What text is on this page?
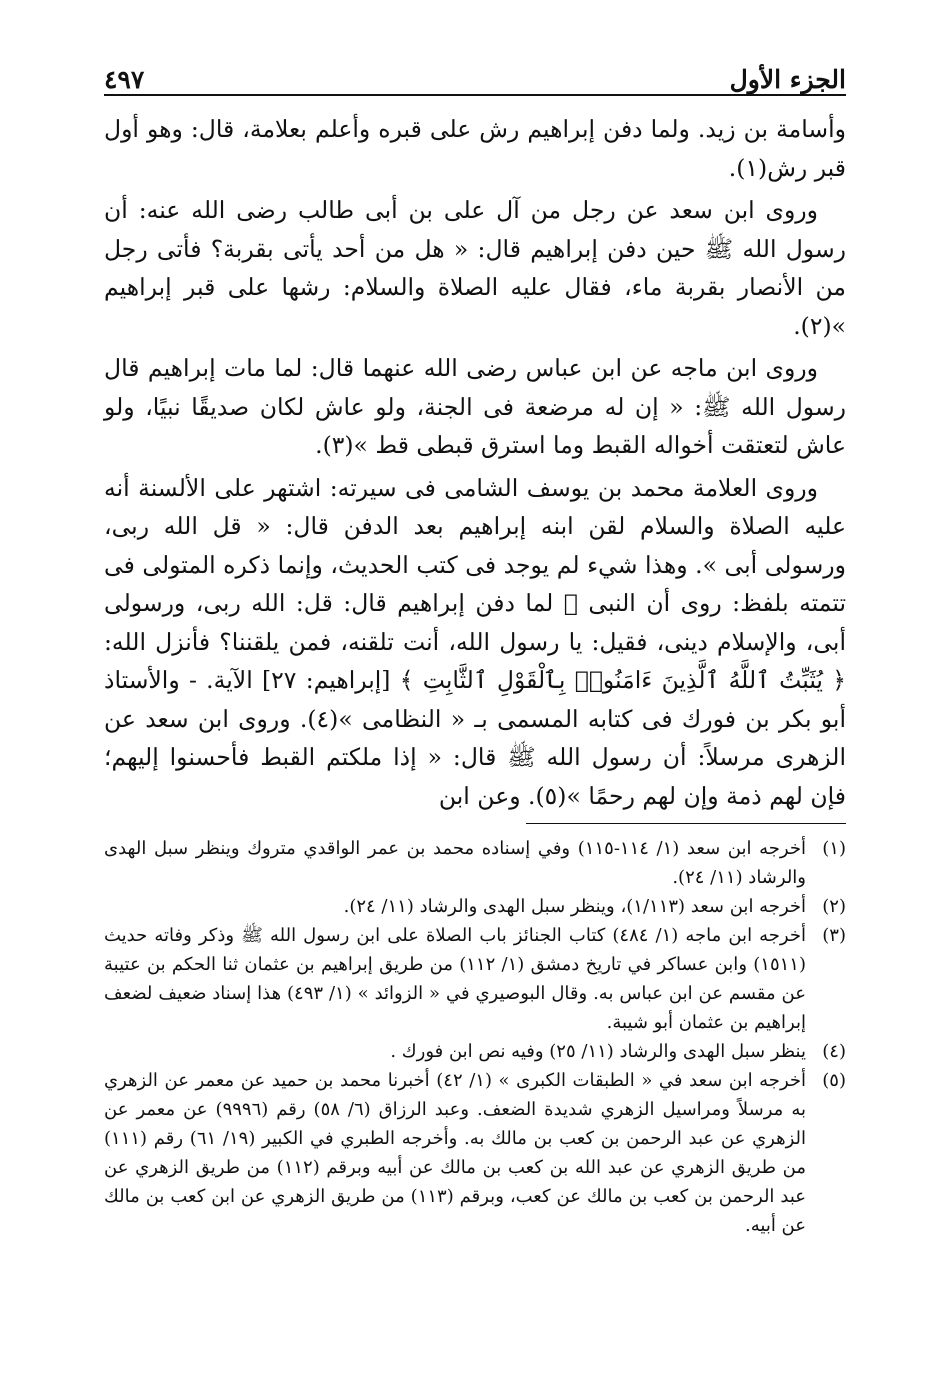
الجزء الأول
٤٩٧

وأسامة بن زيد. ولما دفن إبراهيم رش على قبره وأعلم بعلامة، قال: وهو أول قبر رش(١).

وروى ابن سعد عن رجل من آل على بن أبى طالب رضى الله عنه: أن رسول الله ﷺ حين دفن إبراهيم قال: « هل من أحد يأتى بقربة؟ فأتى رجل من الأنصار بقربة ماء، فقال عليه الصلاة والسلام: رشها على قبر إبراهيم »(٢).

وروى ابن ماجه عن ابن عباس رضى الله عنهما قال: لما مات إبراهيم قال رسول الله ﷺ: « إن له مرضعة فى الجنة، ولو عاش لكان صديقًا نبيًا، ولو عاش لتعتقت أخواله القبط وما استرق قبطى قط »(٣).

وروى العلامة محمد بن يوسف الشامى فى سيرته: اشتهر على الألسنة أنه عليه الصلاة والسلام لقن ابنه إبراهيم بعد الدفن قال: « قل الله ربى، ورسولى أبى ». وهذا شيء لم يوجد فى كتب الحديث، وإنما ذكره المتولى فى تتمته بلفظ: روى أن النبى ﷺ لما دفن إبراهيم قال: قل: الله ربى، ورسولى أبى، والإسلام دينى، فقيل: يا رسول الله، أنت تلقنه، فمن يلقننا؟ فأنزل الله: ﴿ يُثَبِّتُ ٱللَّهُ ٱلَّذِينَ ءَامَنُوا۟ بِٱلْقَوْلِ ٱلثَّابِتِ ﴾ [إبراهيم: ٢٧] الآية. - والأستاذ أبو بكر بن فورك فى كتابه المسمى بـ « النظامى »(٤). وروى ابن سعد عن الزهرى مرسلاً: أن رسول الله ﷺ قال: « إذا ملكتم القبط فأحسنوا إليهم؛ فإن لهم ذمة وإن لهم رحمًا »(٥). وعن ابن

(١)
أخرجه ابن سعد (١/ ١١٤-١١٥) وفي إسناده محمد بن عمر الواقدي متروك وينظر سبل الهدى والرشاد (١١/ ٢٤).
(٢)
أخرجه ابن سعد (١/١١٣)، وينظر سبل الهدى والرشاد (١١/ ٢٤).
(٣)
أخرجه ابن ماجه (١/ ٤٨٤) كتاب الجنائز باب الصلاة على ابن رسول الله ﷺ وذكر وفاته حديث (١٥١١) وابن عساكر في تاريخ دمشق (١/ ١١٢) من طريق إبراهيم بن عثمان ثنا الحكم بن عتيبة عن مقسم عن ابن عباس به. وقال البوصيري في « الزوائد » (١/ ٤٩٣) هذا إسناد ضعيف لضعف إبراهيم بن عثمان أبو شيبة.
(٤)
ينظر سبل الهدى والرشاد (١١/ ٢٥) وفيه نص ابن فورك .
(٥)
أخرجه ابن سعد في « الطبقات الكبرى » (١/ ٤٢) أخبرنا محمد بن حميد عن معمر عن الزهري به مرسلاً ومراسيل الزهري شديدة الضعف. وعبد الرزاق (٦/ ٥٨) رقم (٩٩٩٦) عن معمر عن الزهري عن عبد الرحمن بن كعب بن مالك به. وأخرجه الطبري في الكبير (١٩/ ٦١) رقم (١١١) من طريق الزهري عن عبد الله بن كعب بن مالك عن أبيه وبرقم (١١٢) من طريق الزهري عن عبد الرحمن بن كعب بن مالك عن كعب، وبرقم (١١٣) من طريق الزهري عن ابن كعب بن مالك عن أبيه.
